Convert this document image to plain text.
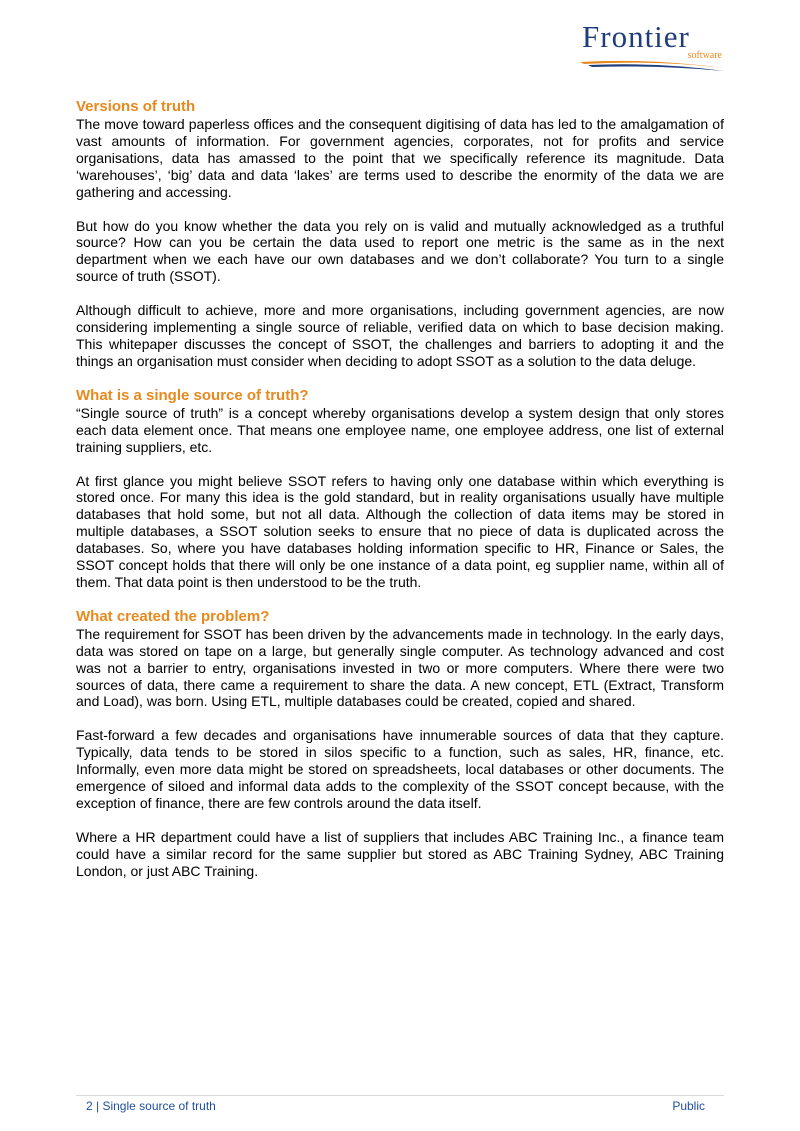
Frontier
software
Versions of truth

The move toward paperless offices and the consequent digitising of data has led to the amalgamation of vast amounts of information. For government agencies, corporates, not for profits and service organisations, data has amassed to the point that we specifically reference its magnitude. Data ‘warehouses’, ‘big’ data and data ‘lakes’ are terms used to describe the enormity of the data we are gathering and accessing.

But how do you know whether the data you rely on is valid and mutually acknowledged as a truthful source? How can you be certain the data used to report one metric is the same as in the next department when we each have our own databases and we don’t collaborate? You turn to a single source of truth (SSOT).

Although difficult to achieve, more and more organisations, including government agencies, are now considering implementing a single source of reliable, verified data on which to base decision making. This whitepaper discusses the concept of SSOT, the challenges and barriers to adopting it and the things an organisation must consider when deciding to adopt SSOT as a solution to the data deluge.

What is a single source of truth?

“Single source of truth” is a concept whereby organisations develop a system design that only stores each data element once. That means one employee name, one employee address, one list of external training suppliers, etc.

At first glance you might believe SSOT refers to having only one database within which everything is stored once. For many this idea is the gold standard, but in reality organisations usually have multiple databases that hold some, but not all data. Although the collection of data items may be stored in multiple databases, a SSOT solution seeks to ensure that no piece of data is duplicated across the databases. So, where you have databases holding information specific to HR, Finance or Sales, the SSOT concept holds that there will only be one instance of a data point, eg supplier name, within all of them. That data point is then understood to be the truth.

What created the problem?

The requirement for SSOT has been driven by the advancements made in technology. In the early days, data was stored on tape on a large, but generally single computer. As technology advanced and cost was not a barrier to entry, organisations invested in two or more computers. Where there were two sources of data, there came a requirement to share the data. A new concept, ETL (Extract, Transform and Load), was born. Using ETL, multiple databases could be created, copied and shared.

Fast-forward a few decades and organisations have innumerable sources of data that they capture. Typically, data tends to be stored in silos specific to a function, such as sales, HR, finance, etc. Informally, even more data might be stored on spreadsheets, local databases or other documents. The emergence of siloed and informal data adds to the complexity of the SSOT concept because, with the exception of finance, there are few controls around the data itself.

Where a HR department could have a list of suppliers that includes ABC Training Inc., a finance team could have a similar record for the same supplier but stored as ABC Training Sydney, ABC Training London, or just ABC Training.

2 | Single source of truth	Public
